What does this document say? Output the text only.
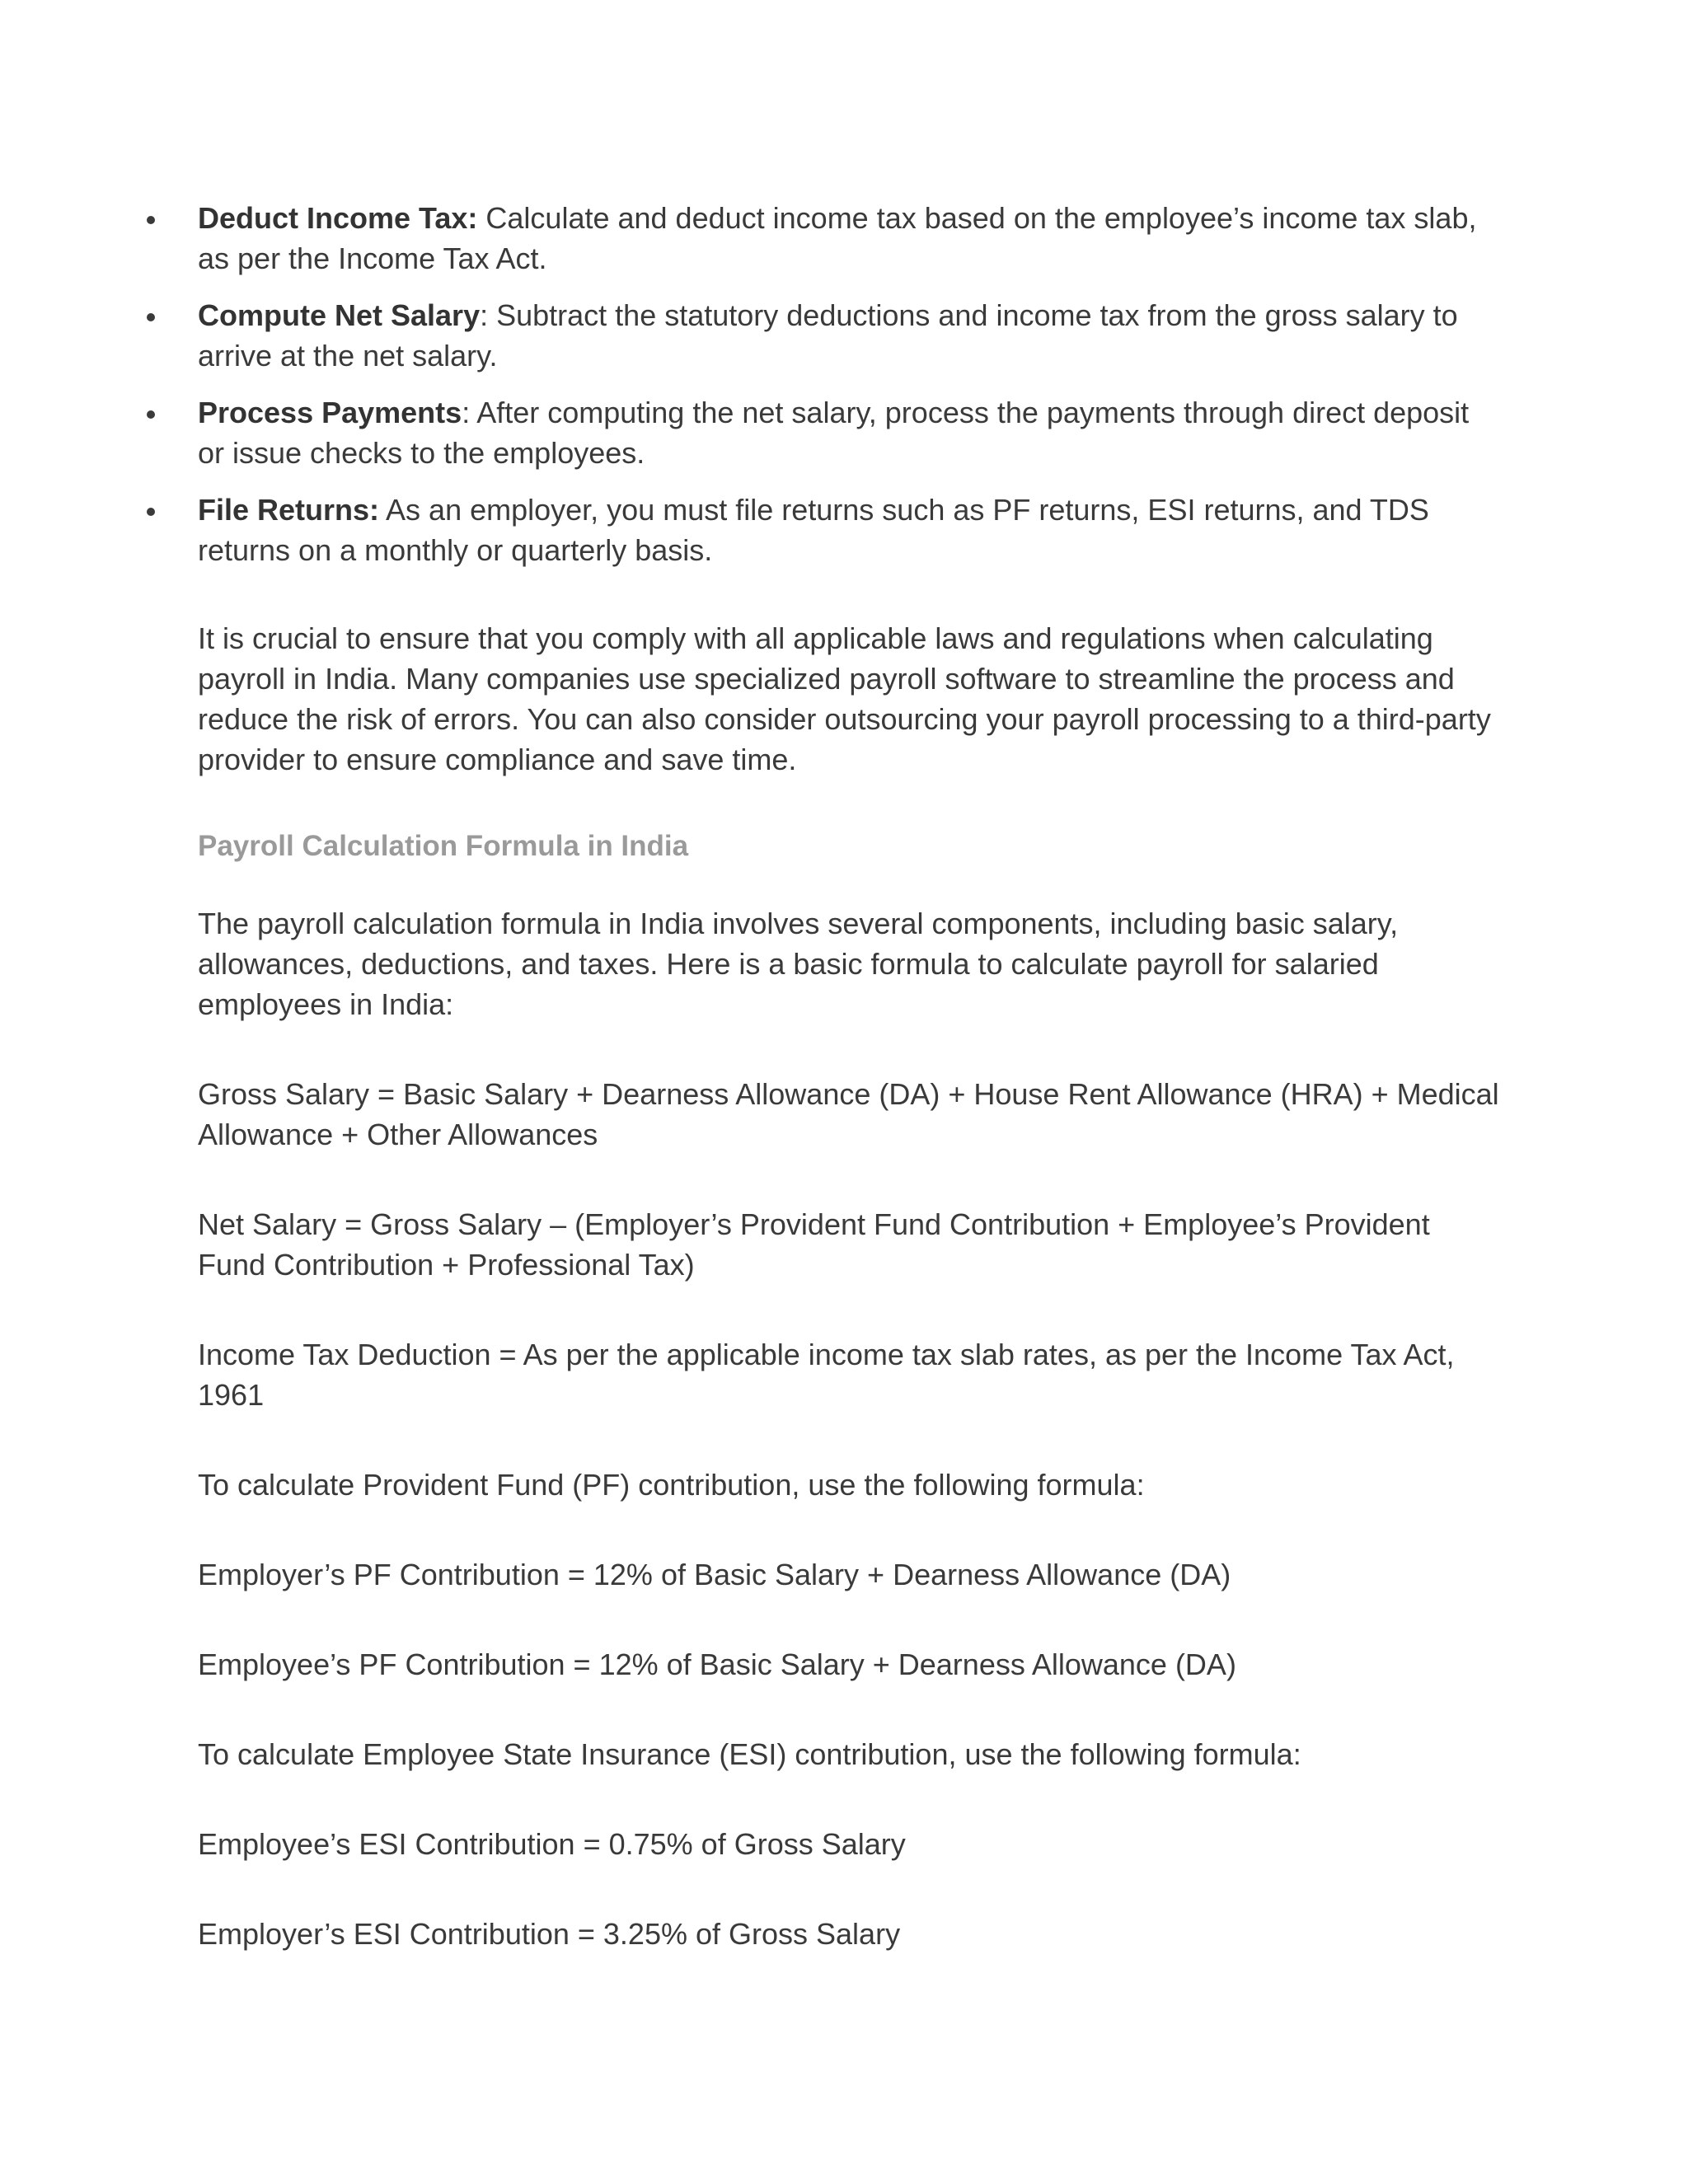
Deduct Income Tax: Calculate and deduct income tax based on the employee’s income tax slab, as per the Income Tax Act.
Compute Net Salary: Subtract the statutory deductions and income tax from the gross salary to arrive at the net salary.
Process Payments: After computing the net salary, process the payments through direct deposit or issue checks to the employees.
File Returns: As an employer, you must file returns such as PF returns, ESI returns, and TDS returns on a monthly or quarterly basis.

It is crucial to ensure that you comply with all applicable laws and regulations when calculating payroll in India. Many companies use specialized payroll software to streamline the process and reduce the risk of errors. You can also consider outsourcing your payroll processing to a third-party provider to ensure compliance and save time.

Payroll Calculation Formula in India

The payroll calculation formula in India involves several components, including basic salary, allowances, deductions, and taxes. Here is a basic formula to calculate payroll for salaried employees in India:

Gross Salary = Basic Salary + Dearness Allowance (DA) + House Rent Allowance (HRA) + Medical Allowance + Other Allowances

Net Salary = Gross Salary – (Employer’s Provident Fund Contribution + Employee’s Provident Fund Contribution + Professional Tax)

Income Tax Deduction = As per the applicable income tax slab rates, as per the Income Tax Act, 1961

To calculate Provident Fund (PF) contribution, use the following formula:

Employer’s PF Contribution = 12% of Basic Salary + Dearness Allowance (DA)

Employee’s PF Contribution = 12% of Basic Salary + Dearness Allowance (DA)

To calculate Employee State Insurance (ESI) contribution, use the following formula:

Employee’s ESI Contribution = 0.75% of Gross Salary

Employer’s ESI Contribution = 3.25% of Gross Salary
